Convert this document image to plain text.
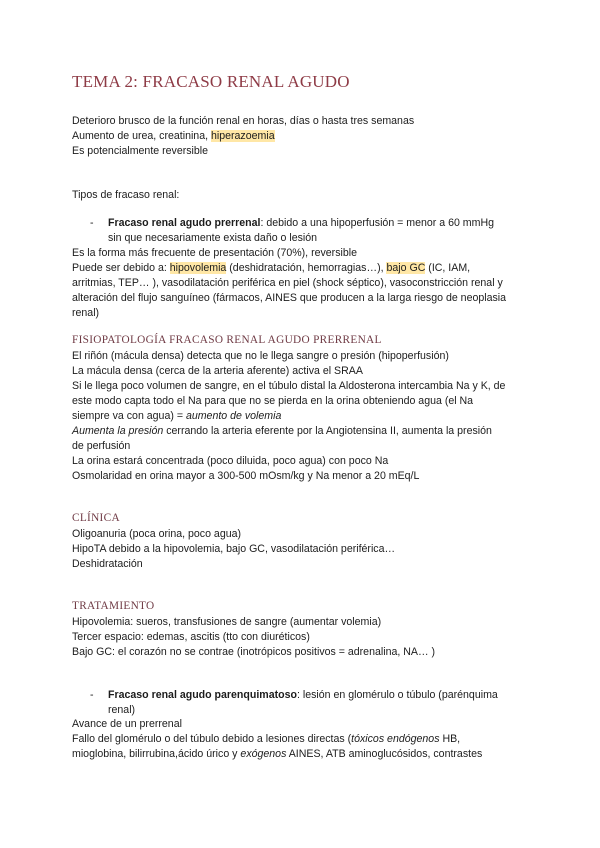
TEMA 2: FRACASO RENAL AGUDO
Deterioro brusco de la función renal en horas, días o hasta tres semanas
Aumento de urea, creatinina, hiperazoemia
Es potencialmente reversible
Tipos de fracaso renal:
-	Fracaso renal agudo prerrenal: debido a una hipoperfusión = menor a 60 mmHg
sin que necesariamente exista daño o lesión
Es la forma más frecuente de presentación (70%), reversible
Puede ser debido a: hipovolemia (deshidratación, hemorragias…), bajo GC (IC, IAM,
arritmias, TEP… ), vasodilatación periférica en piel (shock séptico), vasoconstricción renal y
alteración del flujo sanguíneo (fármacos, AINES que producen a la larga riesgo de neoplasia
renal)
FISIOPATOLOGÍA FRACASO RENAL AGUDO PRERRENAL
El riñón (mácula densa) detecta que no le llega sangre o presión (hipoperfusión)
La mácula densa (cerca de la arteria aferente) activa el SRAA
Si le llega poco volumen de sangre, en el túbulo distal la Aldosterona intercambia Na y K, de
este modo capta todo el Na para que no se pierda en la orina obteniendo agua (el Na
siempre va con agua) = aumento de volemia
Aumenta la presión cerrando la arteria eferente por la Angiotensina II, aumenta la presión
de perfusión
La orina estará concentrada (poco diluida, poco agua) con poco Na
Osmolaridad en orina mayor a 300-500 mOsm/kg y Na menor a 20 mEq/L
CLÍNICA
Oligoanuria (poca orina, poco agua)
HipoTA debido a la hipovolemia, bajo GC, vasodilatación periférica…
Deshidratación
TRATAMIENTO
Hipovolemia: sueros, transfusiones de sangre (aumentar volemia)
Tercer espacio: edemas, ascitis (tto con diuréticos)
Bajo GC: el corazón no se contrae (inotrópicos positivos = adrenalina, NA… )
-	Fracaso renal agudo parenquimatoso: lesión en glomérulo o túbulo (parénquima
renal)
Avance de un prerrenal
Fallo del glomérulo o del túbulo debido a lesiones directas (tóxicos endógenos HB,
mioglobina, bilirrubina,ácido úrico y exógenos AINES, ATB aminoglucósidos, contrastes
